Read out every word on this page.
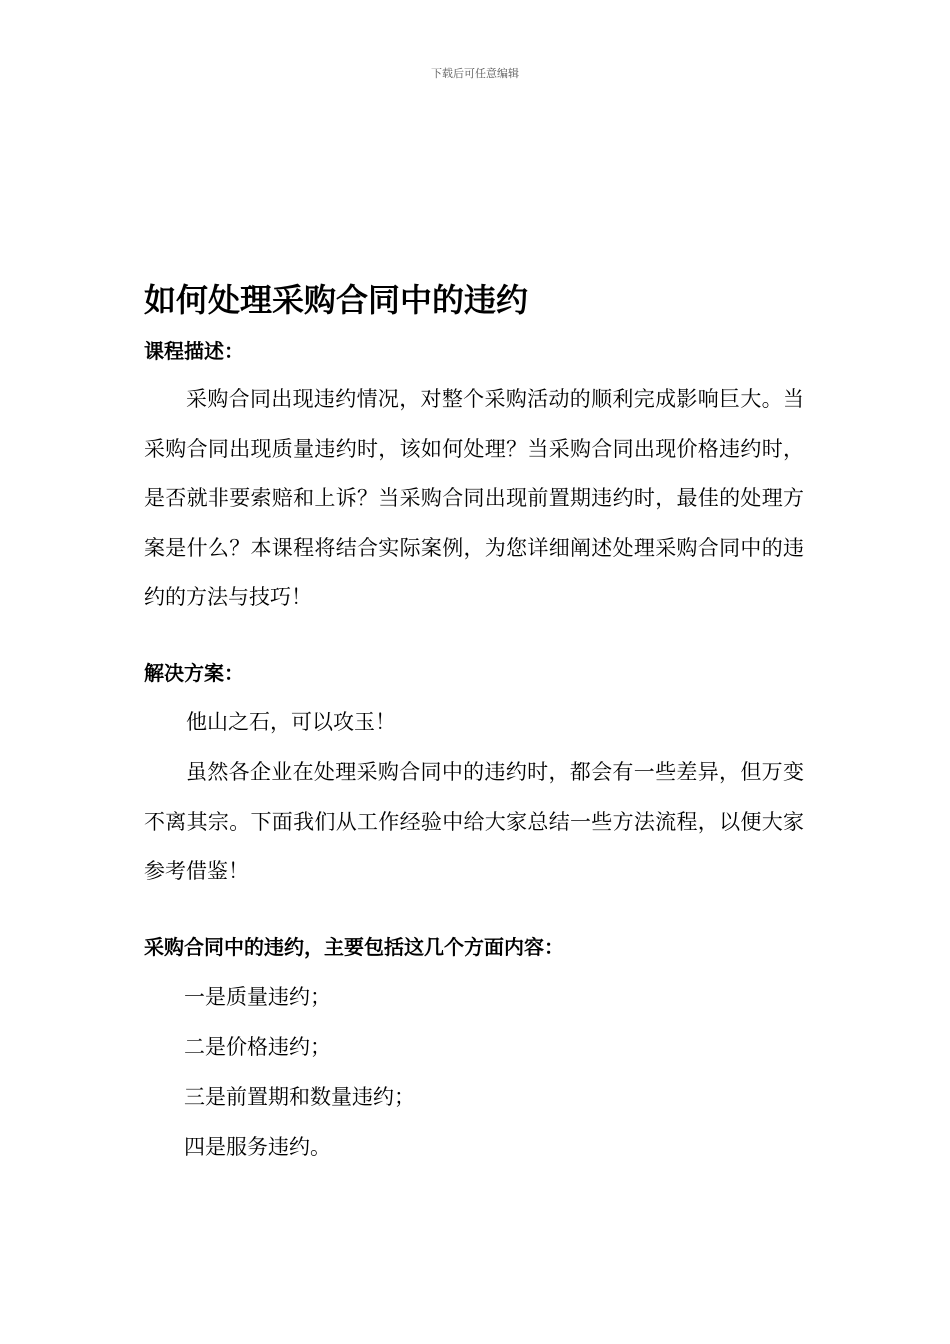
下载后可任意编辑
如何处理采购合同中的违约
课程描述：

采购合同出现违约情况，对整个采购活动的顺利完成影响巨大。当采购合同出现质量违约时，该如何处理？当采购合同出现价格违约时，是否就非要索赔和上诉？当采购合同出现前置期违约时，最佳的处理方案是什么？本课程将结合实际案例，为您详细阐述处理采购合同中的违约的方法与技巧！

解决方案：

他山之石，可以攻玉！

虽然各企业在处理采购合同中的违约时，都会有一些差异，但万变不离其宗。下面我们从工作经验中给大家总结一些方法流程，以便大家参考借鉴！

采购合同中的违约，主要包括这几个方面内容：
一是质量违约；
二是价格违约；
三是前置期和数量违约；
四是服务违约。
